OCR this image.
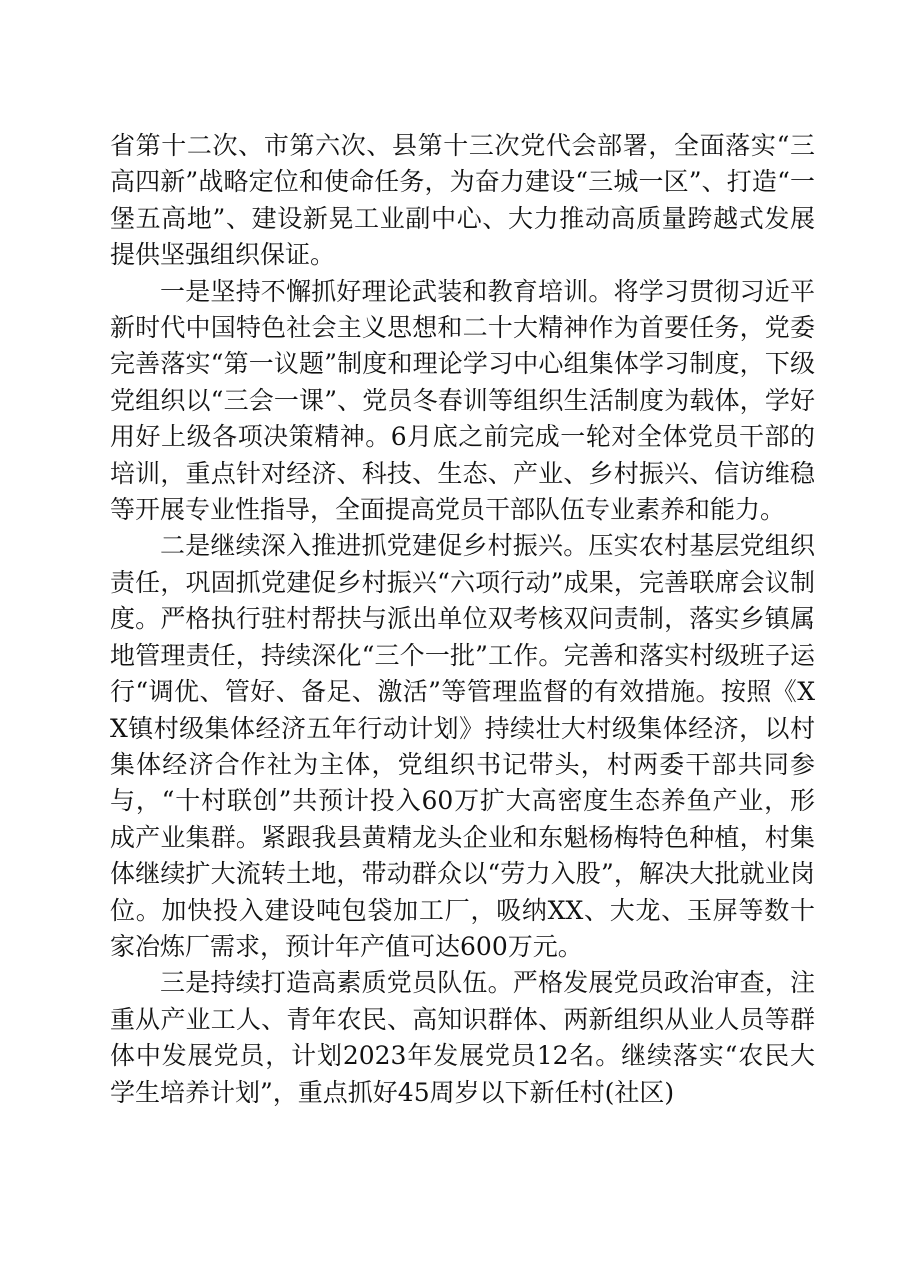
省第十二次、市第六次、县第十三次党代会部署，全面落实“三高四新”战略定位和使命任务，为奋力建设“三城一区”、打造“一堡五高地”、建设新晃工业副中心、大力推动高质量跨越式发展提供坚强组织保证。

一是坚持不懈抓好理论武装和教育培训。将学习贯彻习近平新时代中国特色社会主义思想和二十大精神作为首要任务，党委完善落实“第一议题”制度和理论学习中心组集体学习制度，下级党组织以“三会一课”、党员冬春训等组织生活制度为载体，学好用好上级各项决策精神。6月底之前完成一轮对全体党员干部的培训，重点针对经济、科技、生态、产业、乡村振兴、信访维稳等开展专业性指导，全面提高党员干部队伍专业素养和能力。

二是继续深入推进抓党建促乡村振兴。压实农村基层党组织责任，巩固抓党建促乡村振兴“六项行动”成果，完善联席会议制度。严格执行驻村帮扶与派出单位双考核双问责制，落实乡镇属地管理责任，持续深化“三个一批”工作。完善和落实村级班子运行“调优、管好、备足、激活”等管理监督的有效措施。按照《XX镇村级集体经济五年行动计划》持续壮大村级集体经济，以村集体经济合作社为主体，党组织书记带头，村两委干部共同参与，“十村联创”共预计投入60万扩大高密度生态养鱼产业，形成产业集群。紧跟我县黄精龙头企业和东魁杨梅特色种植，村集体继续扩大流转土地，带动群众以“劳力入股”，解决大批就业岗位。加快投入建设吨包袋加工厂，吸纳XX、大龙、玉屏等数十家冶炼厂需求，预计年产值可达600万元。

三是持续打造高素质党员队伍。严格发展党员政治审查，注重从产业工人、青年农民、高知识群体、两新组织从业人员等群体中发展党员，计划2023年发展党员12名。继续落实“农民大学生培养计划”，重点抓好45周岁以下新任村(社区)
